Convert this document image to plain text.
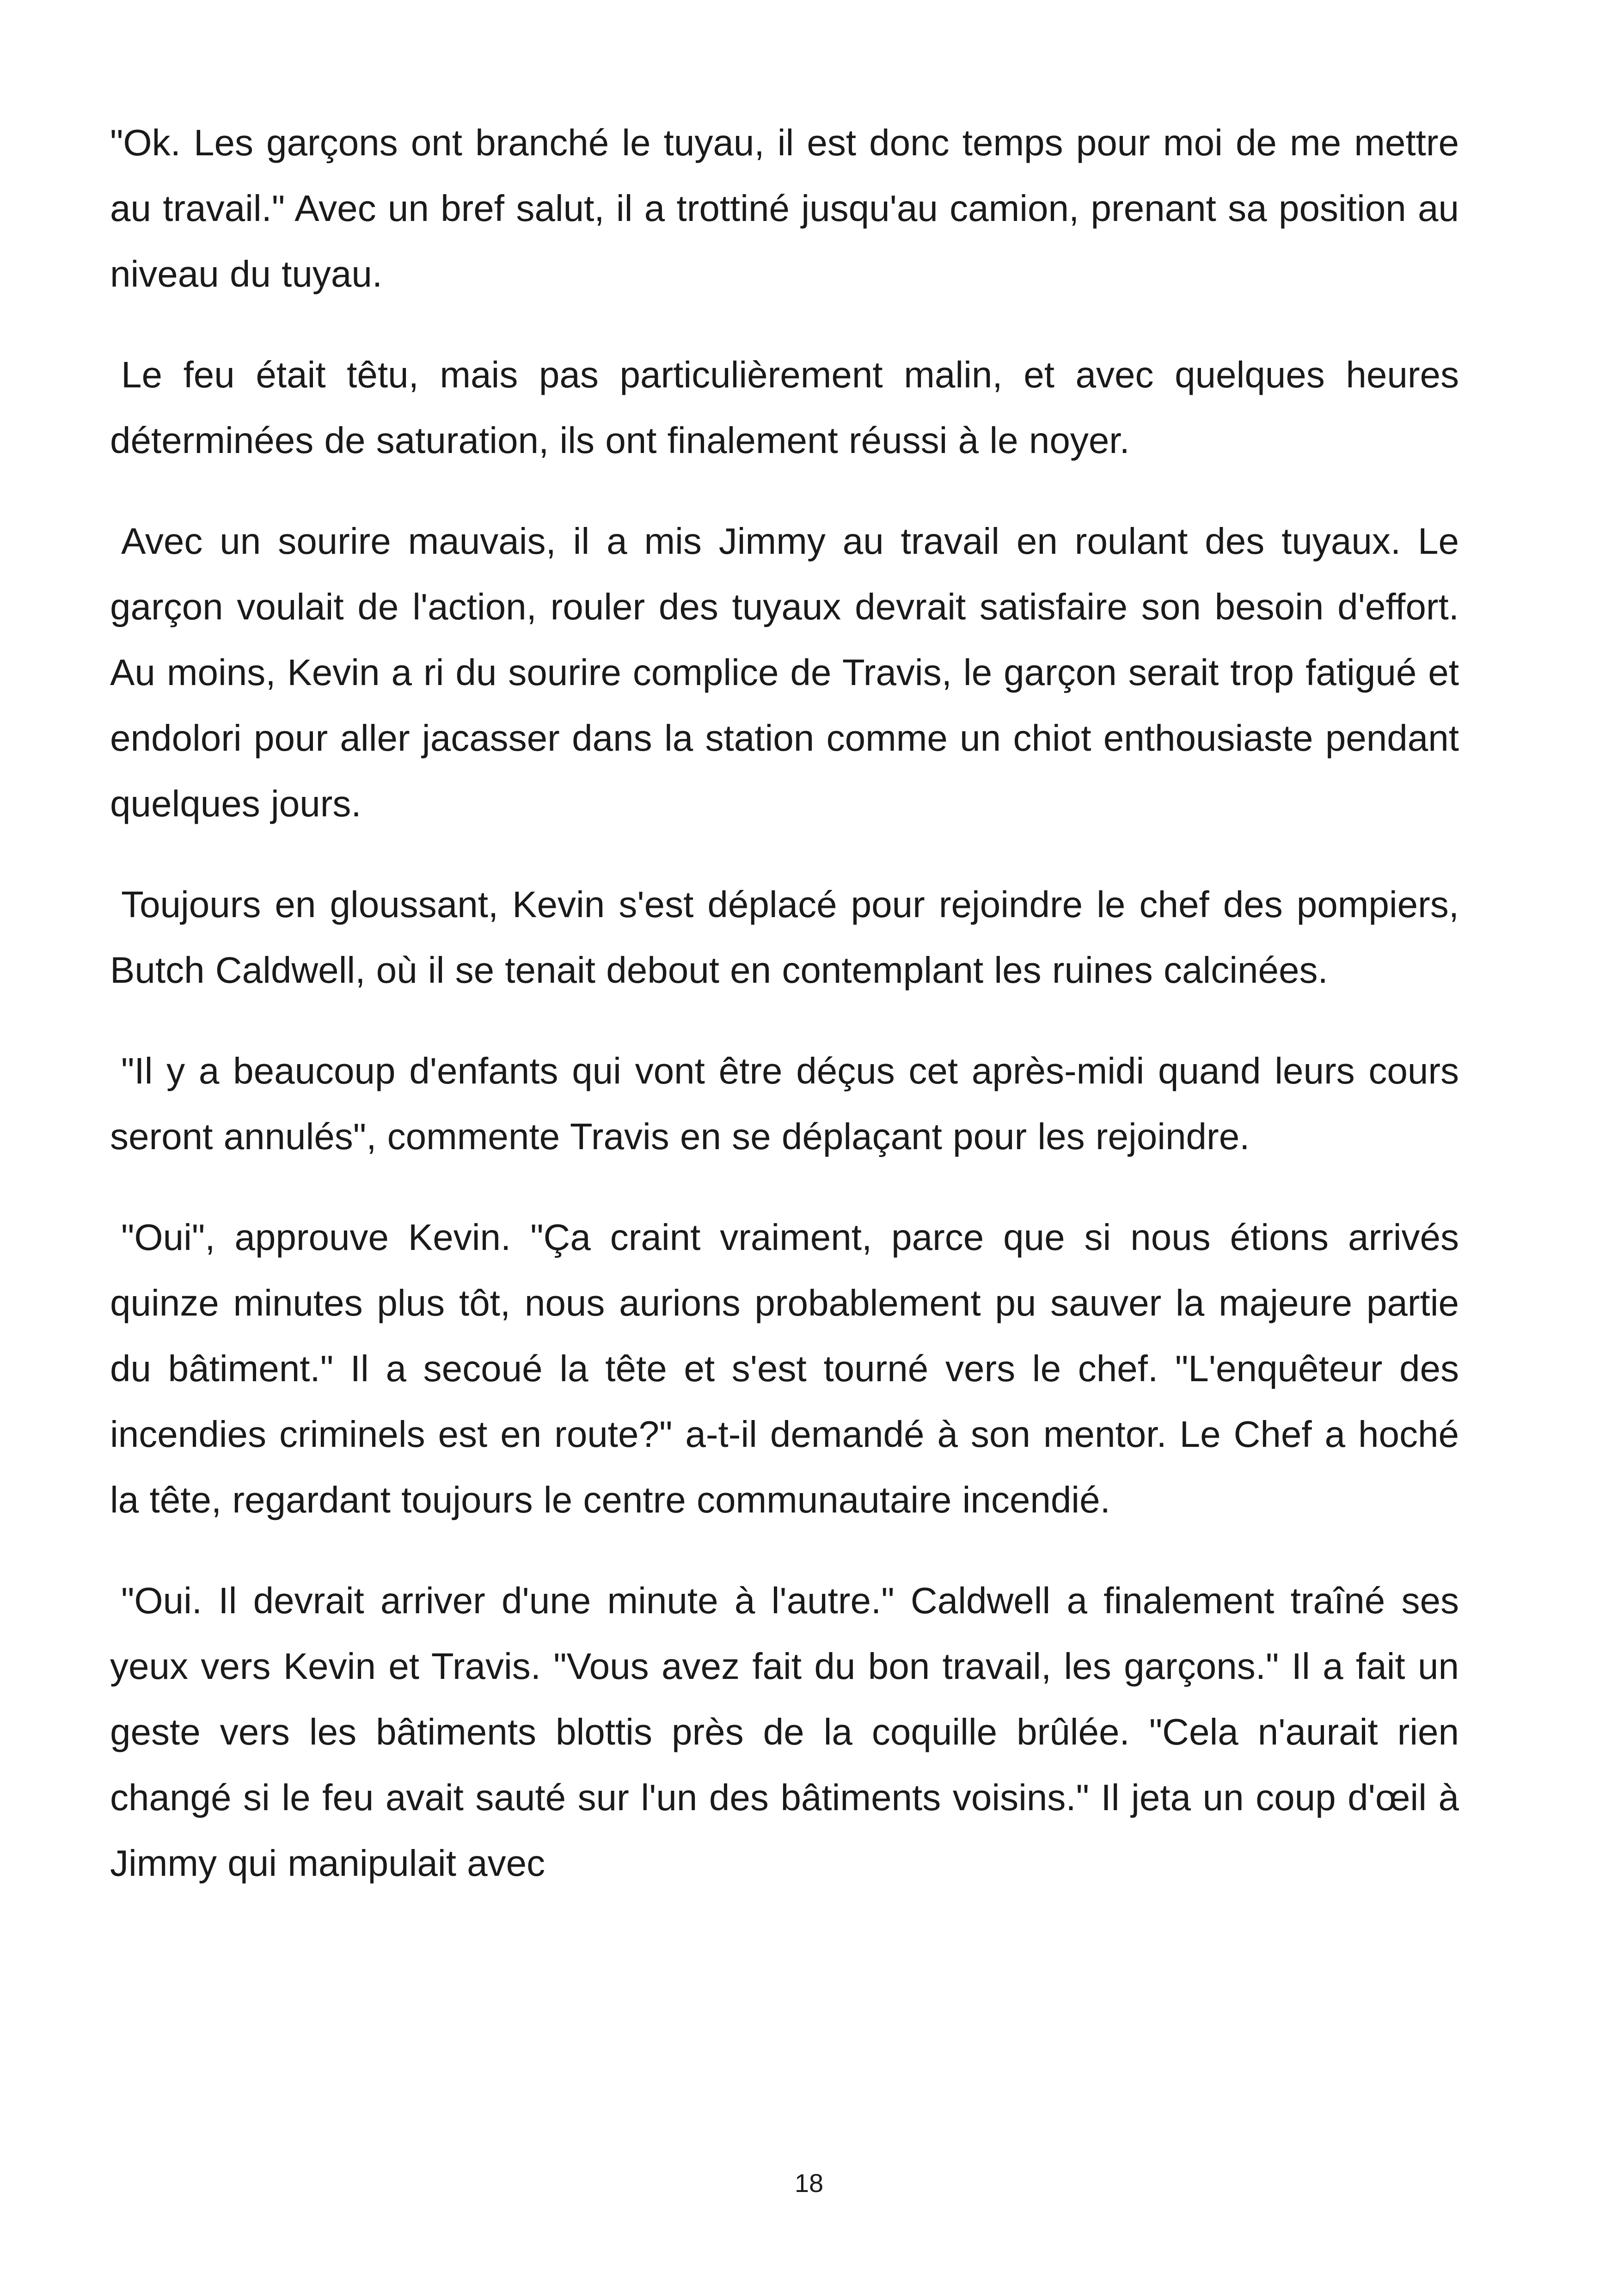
"Ok. Les garçons ont branché le tuyau, il est donc temps pour moi de me mettre au travail." Avec un bref salut, il a trottiné jusqu'au camion, prenant sa position au niveau du tuyau.

Le feu était têtu, mais pas particulièrement malin, et avec quelques heures déterminées de saturation, ils ont finalement réussi à le noyer.

Avec un sourire mauvais, il a mis Jimmy au travail en roulant des tuyaux. Le garçon voulait de l'action, rouler des tuyaux devrait satisfaire son besoin d'effort. Au moins, Kevin a ri du sourire complice de Travis, le garçon serait trop fatigué et endolori pour aller jacasser dans la station comme un chiot enthousiaste pendant quelques jours.

Toujours en gloussant, Kevin s'est déplacé pour rejoindre le chef des pompiers, Butch Caldwell, où il se tenait debout en contemplant les ruines calcinées.

"Il y a beaucoup d'enfants qui vont être déçus cet après-midi quand leurs cours seront annulés", commente Travis en se déplaçant pour les rejoindre.

"Oui", approuve Kevin. "Ça craint vraiment, parce que si nous étions arrivés quinze minutes plus tôt, nous aurions probablement pu sauver la majeure partie du bâtiment." Il a secoué la tête et s'est tourné vers le chef. "L'enquêteur des incendies criminels est en route?" a-t-il demandé à son mentor. Le Chef a hoché la tête, regardant toujours le centre communautaire incendié.

"Oui. Il devrait arriver d'une minute à l'autre." Caldwell a finalement traîné ses yeux vers Kevin et Travis. "Vous avez fait du bon travail, les garçons." Il a fait un geste vers les bâtiments blottis près de la coquille brûlée. "Cela n'aurait rien changé si le feu avait sauté sur l'un des bâtiments voisins." Il jeta un coup d'œil à Jimmy qui manipulait avec

18
